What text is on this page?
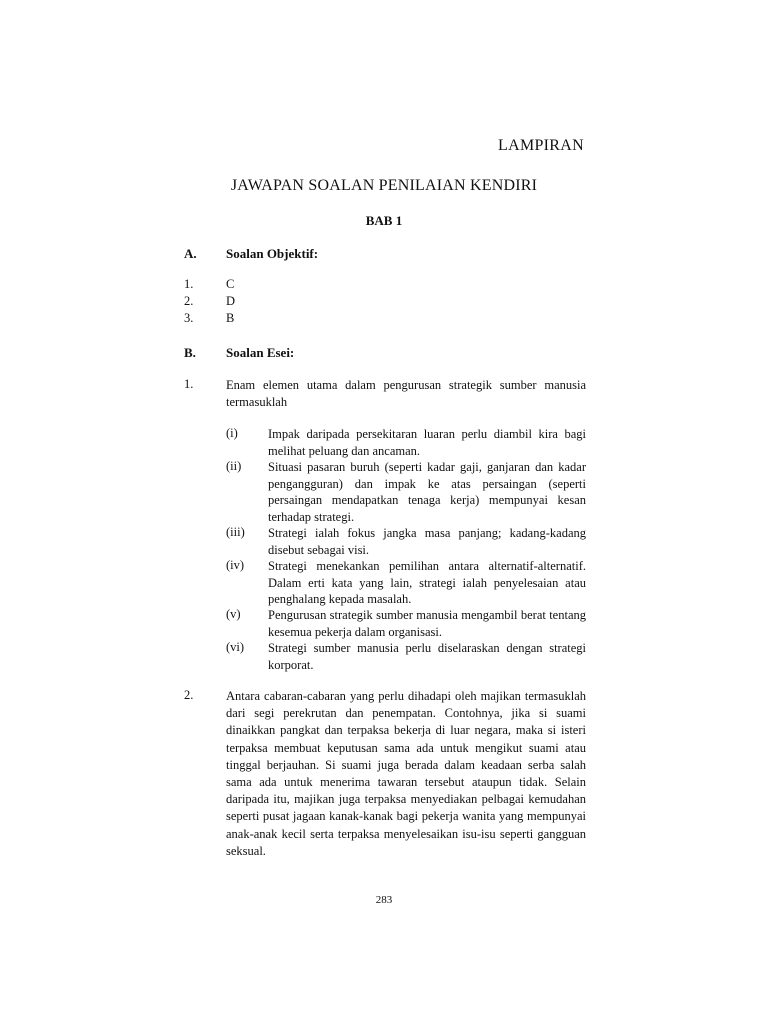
LAMPIRAN
JAWAPAN SOALAN PENILAIAN KENDIRI
BAB 1
A. Soalan Objektif:
1.	C
2.	D
3.	B
B. Soalan Esei:
1.	Enam elemen utama dalam pengurusan strategik sumber manusia termasuklah
(i) Impak daripada persekitaran luaran perlu diambil kira bagi melihat peluang dan ancaman.
(ii) Situasi pasaran buruh (seperti kadar gaji, ganjaran dan kadar pengangguran) dan impak ke atas persaingan (seperti persaingan mendapatkan tenaga kerja) mempunyai kesan terhadap strategi.
(iii) Strategi ialah fokus jangka masa panjang; kadang-kadang disebut sebagai visi.
(iv) Strategi menekankan pemilihan antara alternatif-alternatif. Dalam erti kata yang lain, strategi ialah penyelesaian atau penghalang kepada masalah.
(v) Pengurusan strategik sumber manusia mengambil berat tentang kesemua pekerja dalam organisasi.
(vi) Strategi sumber manusia perlu diselaraskan dengan strategi korporat.
2.	Antara cabaran-cabaran yang perlu dihadapi oleh majikan termasuklah dari segi perekrutan dan penempatan. Contohnya, jika si suami dinaikkan pangkat dan terpaksa bekerja di luar negara, maka si isteri terpaksa membuat keputusan sama ada untuk mengikut suami atau tinggal berjauhan. Si suami juga berada dalam keadaan serba salah sama ada untuk menerima tawaran tersebut ataupun tidak. Selain daripada itu, majikan juga terpaksa menyediakan pelbagai kemudahan seperti pusat jagaan kanak-kanak bagi pekerja wanita yang mempunyai anak-anak kecil serta terpaksa menyelesaikan isu-isu seperti gangguan seksual.
283
